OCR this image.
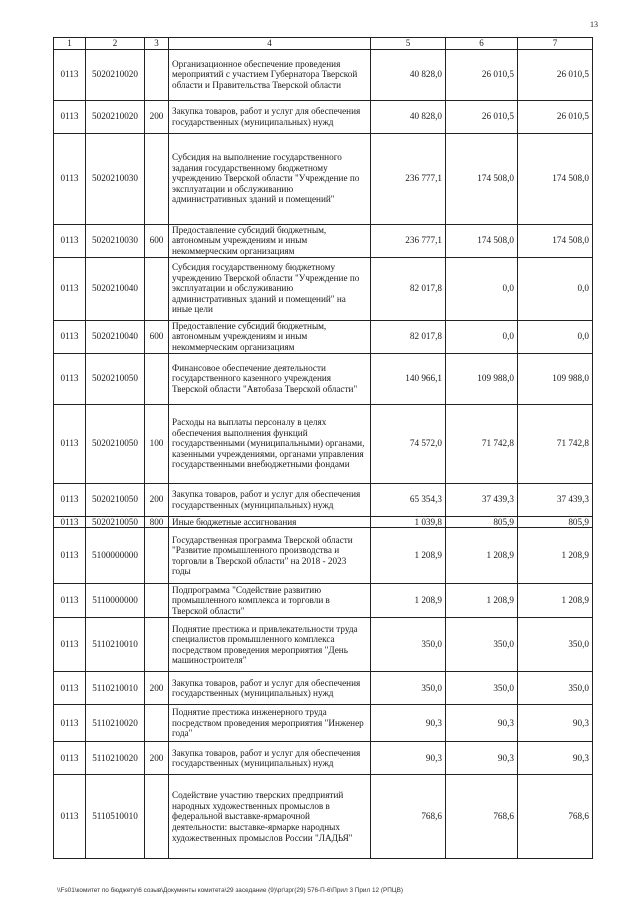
13
1	2	3	4	5	6	7
0113	5020210020		Организационное обеспечение проведения мероприятий с участием Губернатора Тверской области и Правительства Тверской области	40 828,0	26 010,5	26 010,5
0113	5020210020	200	Закупка товаров, работ и услуг для обеспечения государственных (муниципальных) нужд	40 828,0	26 010,5	26 010,5
0113	5020210030		Субсидия на выполнение государственного задания государственному бюджетному учреждению Тверской области "Учреждение по эксплуатации и обслуживанию административных зданий и помещений"	236 777,1	174 508,0	174 508,0
0113	5020210030	600	Предоставление субсидий бюджетным, автономным учреждениям и иным некоммерческим организациям	236 777,1	174 508,0	174 508,0
0113	5020210040		Субсидия государственному бюджетному учреждению Тверской области "Учреждение по эксплуатации и обслуживанию административных зданий и помещений" на иные цели	82 017,8	0,0	0,0
0113	5020210040	600	Предоставление субсидий бюджетным, автономным учреждениям и иным некоммерческим организациям	82 017,8	0,0	0,0
0113	5020210050		Финансовое обеспечение деятельности государственного казенного учреждения Тверской области "Автобаза Тверской области"	140 966,1	109 988,0	109 988,0
0113	5020210050	100	Расходы на выплаты персоналу в целях обеспечения выполнения функций государственными (муниципальными) органами, казенными учреждениями, органами управления государственными внебюджетными фондами	74 572,0	71 742,8	71 742,8
0113	5020210050	200	Закупка товаров, работ и услуг для обеспечения государственных (муниципальных) нужд	65 354,3	37 439,3	37 439,3
0113	5020210050	800	Иные бюджетные ассигнования	1 039,8	805,9	805,9
0113	5100000000		Государственная программа Тверской области "Развитие промышленного производства и торговли в Тверской области" на 2018 - 2023 годы	1 208,9	1 208,9	1 208,9
0113	5110000000		Подпрограмма "Содействие развитию промышленного комплекса и торговли в Тверской области"	1 208,9	1 208,9	1 208,9
0113	5110210010		Поднятие престижа и привлекательности труда специалистов промышленного комплекса посредством проведения мероприятия "День машиностроителя"	350,0	350,0	350,0
0113	5110210010	200	Закупка товаров, работ и услуг для обеспечения государственных (муниципальных) нужд	350,0	350,0	350,0
0113	5110210020		Поднятие престижа инженерного труда посредством проведения мероприятия "Инженер года"	90,3	90,3	90,3
0113	5110210020	200	Закупка товаров, работ и услуг для обеспечения государственных (муниципальных) нужд	90,3	90,3	90,3
0113	5110510010		Содействие участию тверских предприятий народных художественных промыслов в федеральной выставке-ярмарочной деятельности: выставке-ярмарке народных художественных промыслов России "ЛАДЬЯ"	768,6	768,6	768,6
\\Fs01\комитет по бюджету\6 созыв\Документы комитета\29 заседание (9)\рг\зрг(29) 576-П-6\Прил 3 Прил 12 (РПЦВ)
